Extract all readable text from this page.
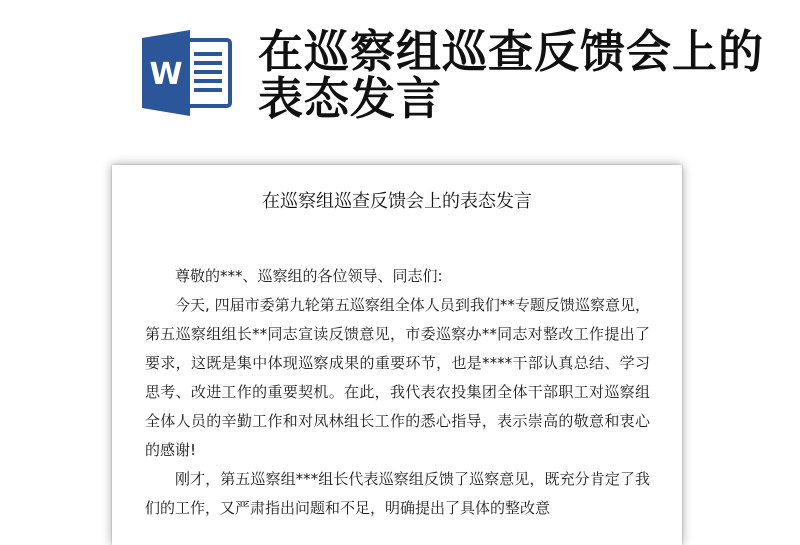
W 在巡察组巡查反馈会上的表态发言
在巡察组巡查反馈会上的表态发言

尊敬的***、巡察组的各位领导、同志们:

今天, 四届市委第九轮第五巡察组全体人员到我们**专题反馈巡察意见，第五巡察组组长**同志宣读反馈意见，市委巡察办**同志对整改工作提出了要求，这既是集中体现巡察成果的重要环节，也是****干部认真总结、学习思考、改进工作的重要契机。在此，我代表农投集团全体干部职工对巡察组全体人员的辛勤工作和对凤林组长工作的悉心指导，表示崇高的敬意和衷心的感谢!

刚才，第五巡察组***组长代表巡察组反馈了巡察意见，既充分肯定了我们的工作，又严肃指出问题和不足，明确提出了具体的整改意
